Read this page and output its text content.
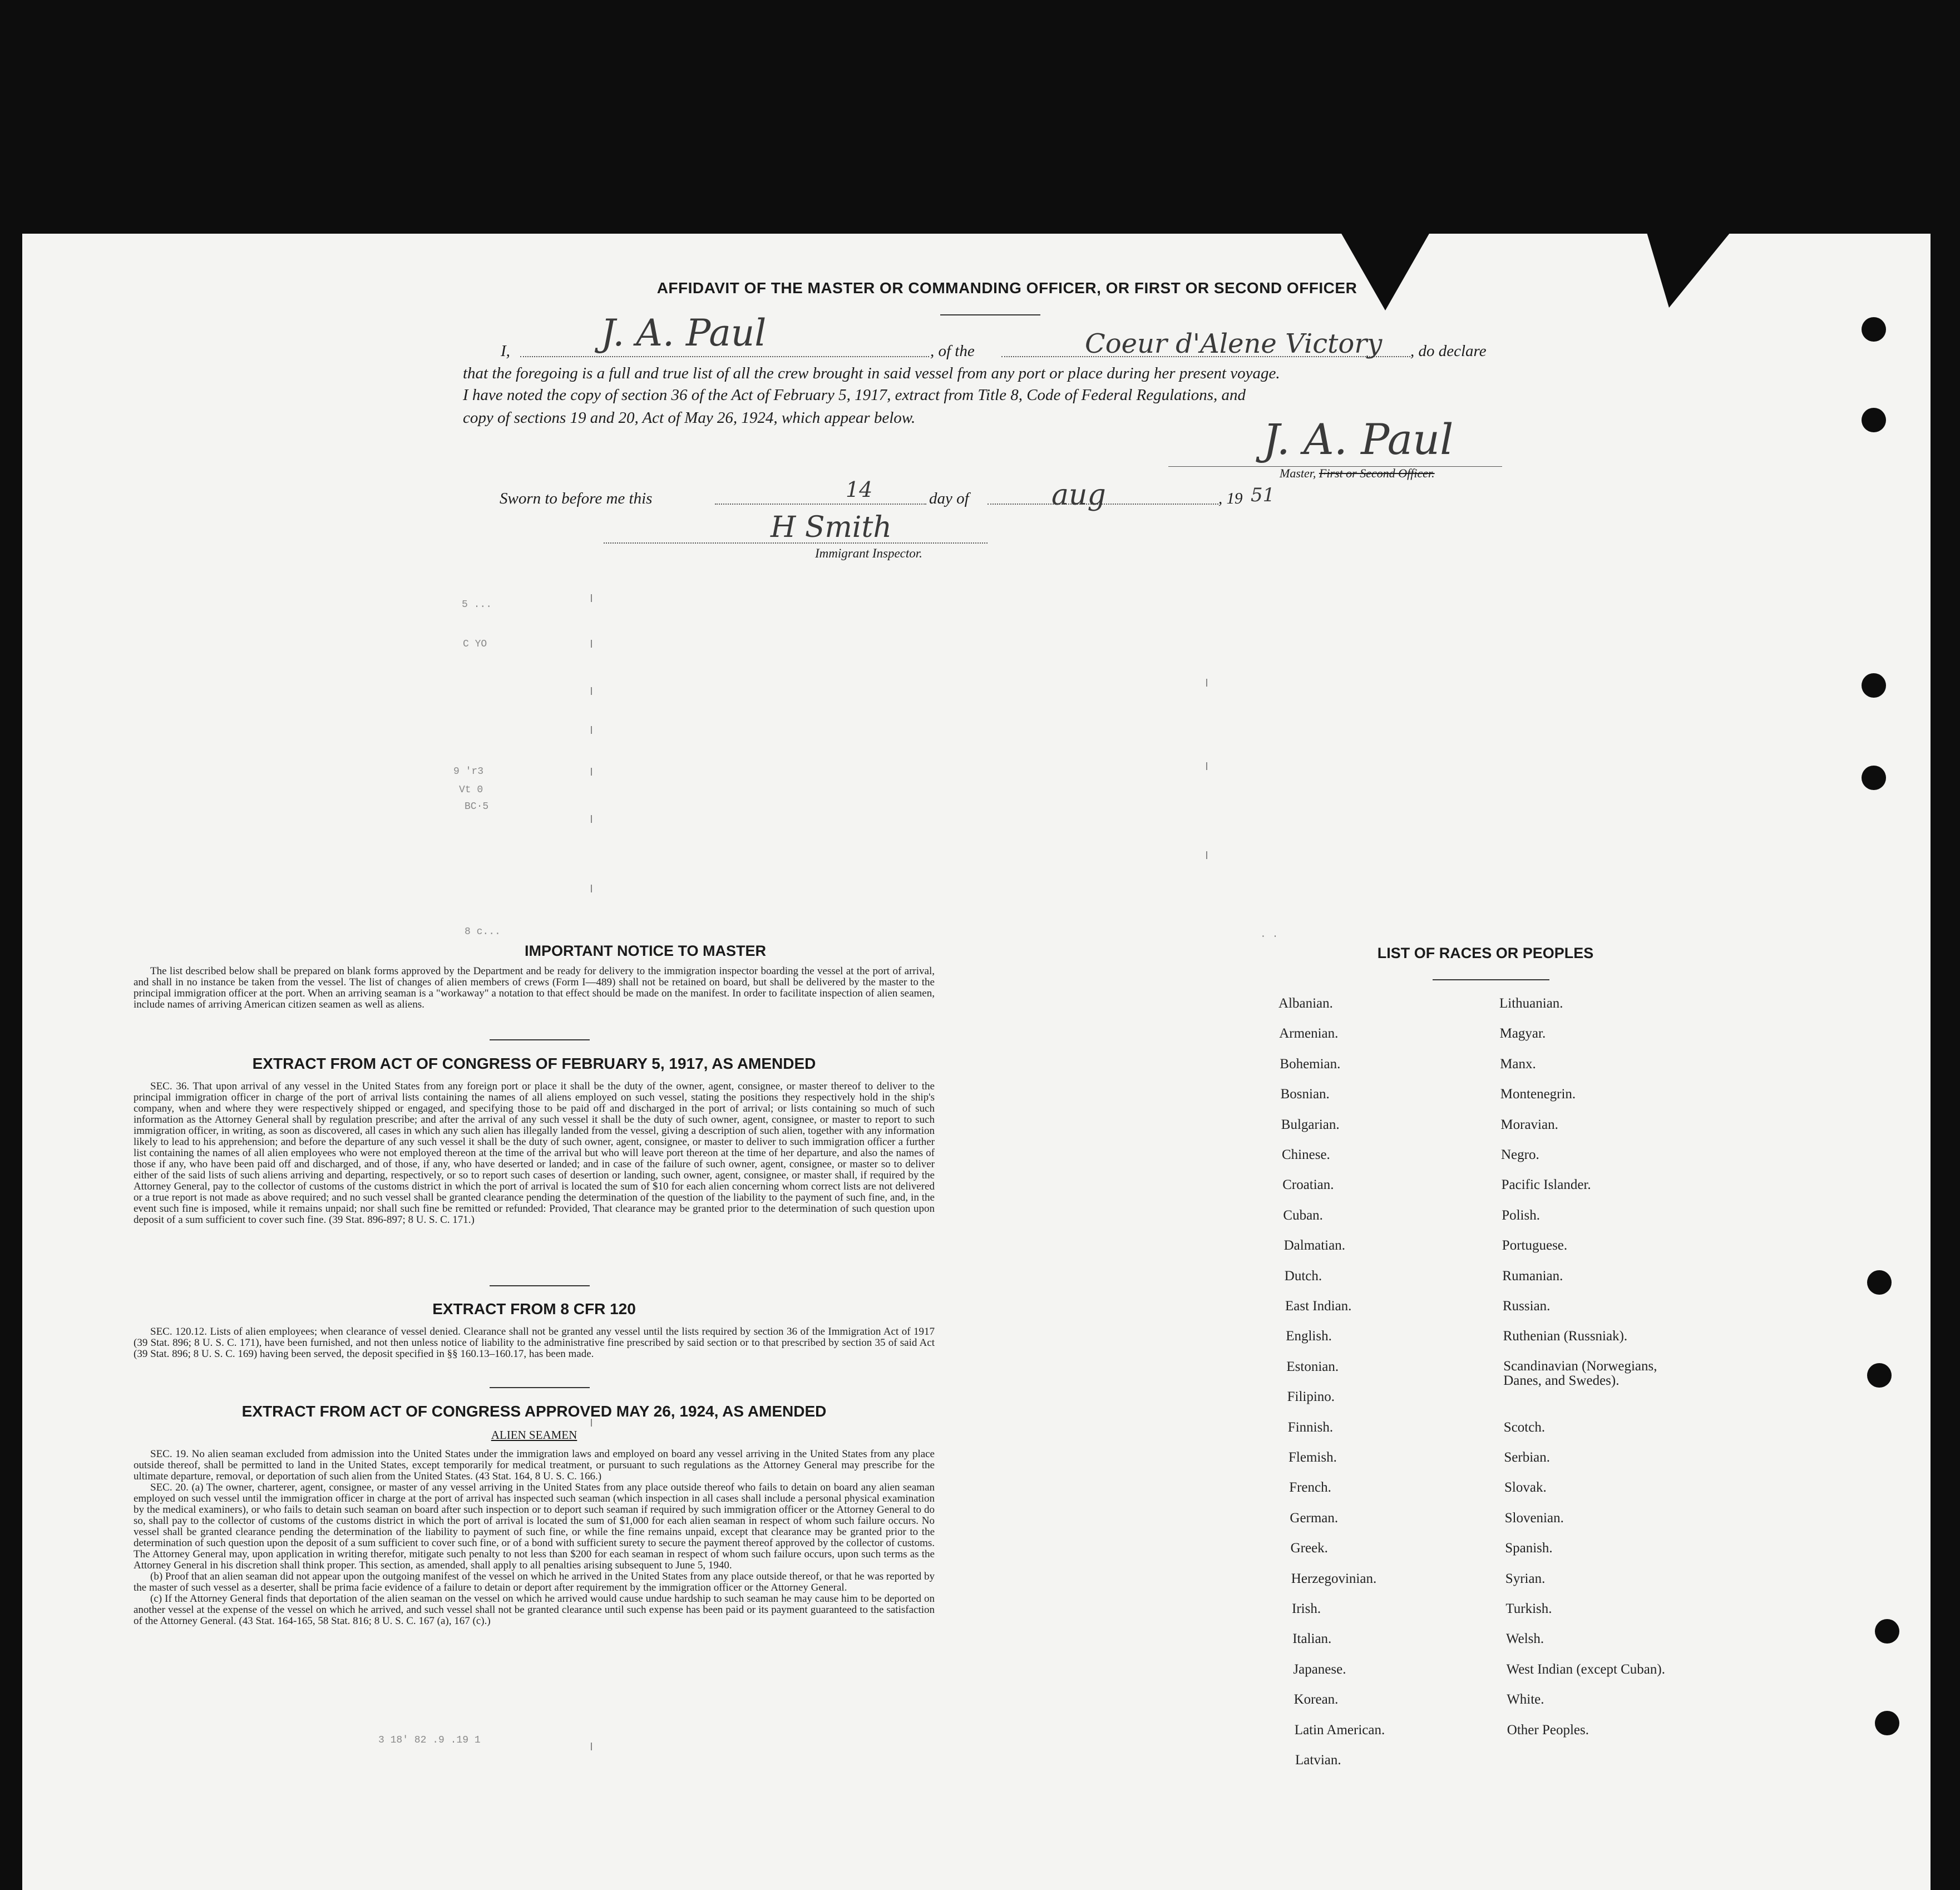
AFFIDAVIT OF THE MASTER OR COMMANDING OFFICER, OR FIRST OR SECOND OFFICER
I, J. A. Paul	, of the	Coeur d'Alene Victory , do declare
that the foregoing is a full and true list of all the crew brought in said vessel from any port or place during her present voyage.
I have noted the copy of section 36 of the Act of February 5, 1917, extract from Title 8, Code of Federal Regulations, and
copy of sections 19 and 20, Act of May 26, 1924, which appear below.	J. A. Paul
Master, First or Second Officer.
Sworn to before me this	14	day of	aug	, 19 51
H Smith
Immigrant Inspector.
5 ...
C YO
9 'r3
Vt 0
BC·5
8 c...	. .
3 18' 82 .9 .19 1
IMPORTANT NOTICE TO MASTER

The list described below shall be prepared on blank forms approved by the Department and be ready for delivery to the immigration inspector boarding the vessel at the port of arrival, and shall in no instance be taken from the vessel. The list of changes of alien members of crews (Form I—489) shall not be retained on board, but shall be delivered by the master to the principal immigration officer at the port. When an arriving seaman is a "workaway" a notation to that effect should be made on the manifest. In order to facilitate inspection of alien seamen, include names of arriving American citizen seamen as well as aliens.

EXTRACT FROM ACT OF CONGRESS OF FEBRUARY 5, 1917, AS AMENDED

SEC. 36. That upon arrival of any vessel in the United States from any foreign port or place it shall be the duty of the owner, agent, consignee, or master thereof to deliver to the principal immigration officer in charge of the port of arrival lists containing the names of all aliens employed on such vessel, stating the positions they respectively hold in the ship's company, when and where they were respectively shipped or engaged, and specifying those to be paid off and discharged in the port of arrival; or lists containing so much of such information as the Attorney General shall by regulation prescribe; and after the arrival of any such vessel it shall be the duty of such owner, agent, consignee, or master to report to such immigration officer, in writing, as soon as discovered, all cases in which any such alien has illegally landed from the vessel, giving a description of such alien, together with any information likely to lead to his apprehension; and before the departure of any such vessel it shall be the duty of such owner, agent, consignee, or master to deliver to such immigration officer a further list containing the names of all alien employees who were not employed thereon at the time of the arrival but who will leave port thereon at the time of her departure, and also the names of those if any, who have been paid off and discharged, and of those, if any, who have deserted or landed; and in case of the failure of such owner, agent, consignee, or master so to deliver either of the said lists of such aliens arriving and departing, respectively, or so to report such cases of desertion or landing, such owner, agent, consignee, or master shall, if required by the Attorney General, pay to the collector of customs of the customs district in which the port of arrival is located the sum of $10 for each alien concerning whom correct lists are not delivered or a true report is not made as above required; and no such vessel shall be granted clearance pending the determination of the question of the liability to the payment of such fine, and, in the event such fine is imposed, while it remains unpaid; nor shall such fine be remitted or refunded: Provided, That clearance may be granted prior to the determination of such question upon deposit of a sum sufficient to cover such fine. (39 Stat. 896-897; 8 U. S. C. 171.)

EXTRACT FROM 8 CFR 120

SEC. 120.12. Lists of alien employees; when clearance of vessel denied. Clearance shall not be granted any vessel until the lists required by section 36 of the Immigration Act of 1917 (39 Stat. 896; 8 U. S. C. 171), have been furnished, and not then unless notice of liability to the administrative fine prescribed by said section or to that prescribed by section 35 of said Act (39 Stat. 896; 8 U. S. C. 169) having been served, the deposit specified in §§ 160.13–160.17, has been made.

EXTRACT FROM ACT OF CONGRESS APPROVED MAY 26, 1924, AS AMENDED
ALIEN SEAMEN

SEC. 19. No alien seaman excluded from admission into the United States under the immigration laws and employed on board any vessel arriving in the United States from any place outside thereof, shall be permitted to land in the United States, except temporarily for medical treatment, or pursuant to such regulations as the Attorney General may prescribe for the ultimate departure, removal, or deportation of such alien from the United States. (43 Stat. 164, 8 U. S. C. 166.)

SEC. 20. (a) The owner, charterer, agent, consignee, or master of any vessel arriving in the United States from any place outside thereof who fails to detain on board any alien seaman employed on such vessel until the immigration officer in charge at the port of arrival has inspected such seaman (which inspection in all cases shall include a personal physical examination by the medical examiners), or who fails to detain such seaman on board after such inspection or to deport such seaman if required by such immigration officer or the Attorney General to do so, shall pay to the collector of customs of the customs district in which the port of arrival is located the sum of $1,000 for each alien seaman in respect of whom such failure occurs. No vessel shall be granted clearance pending the determination of the liability to payment of such fine, or while the fine remains unpaid, except that clearance may be granted prior to the determination of such question upon the deposit of a sum sufficient to cover such fine, or of a bond with sufficient surety to secure the payment thereof approved by the collector of customs. The Attorney General may, upon application in writing therefor, mitigate such penalty to not less than $200 for each seaman in respect of whom such failure occurs, upon such terms as the Attorney General in his discretion shall think proper. This section, as amended, shall apply to all penalties arising subsequent to June 5, 1940.

(b) Proof that an alien seaman did not appear upon the outgoing manifest of the vessel on which he arrived in the United States from any place outside thereof, or that he was reported by the master of such vessel as a deserter, shall be prima facie evidence of a failure to detain or deport after requirement by the immigration officer or the Attorney General.

(c) If the Attorney General finds that deportation of the alien seaman on the vessel on which he arrived would cause undue hardship to such seaman he may cause him to be deported on another vessel at the expense of the vessel on which he arrived, and such vessel shall not be granted clearance until such expense has been paid or its payment guaranteed to the satisfaction of the Attorney General. (43 Stat. 164-165, 58 Stat. 816; 8 U. S. C. 167 (a), 167 (c).)

LIST OF RACES OR PEOPLES
Albanian.
Armenian.
Bohemian.
Bosnian.
Bulgarian.
Chinese.
Croatian.
Cuban.
Dalmatian.
Dutch.
East Indian.
English.
Estonian.
Filipino.
Finnish.
Flemish.
French.
German.
Greek.
Herzegovinian.
Irish.
Italian.
Japanese.
Korean.
Latin American.
Latvian.
Lithuanian.
Magyar.
Manx.
Montenegrin.
Moravian.
Negro.
Pacific Islander.
Polish.
Portuguese.
Rumanian.
Russian.
Ruthenian (Russniak).
Scandinavian (Norwegians, Danes, and Swedes).
Scotch.
Serbian.
Slovak.
Slovenian.
Spanish.
Syrian.
Turkish.
Welsh.
West Indian (except Cuban).
White.
Other Peoples.
